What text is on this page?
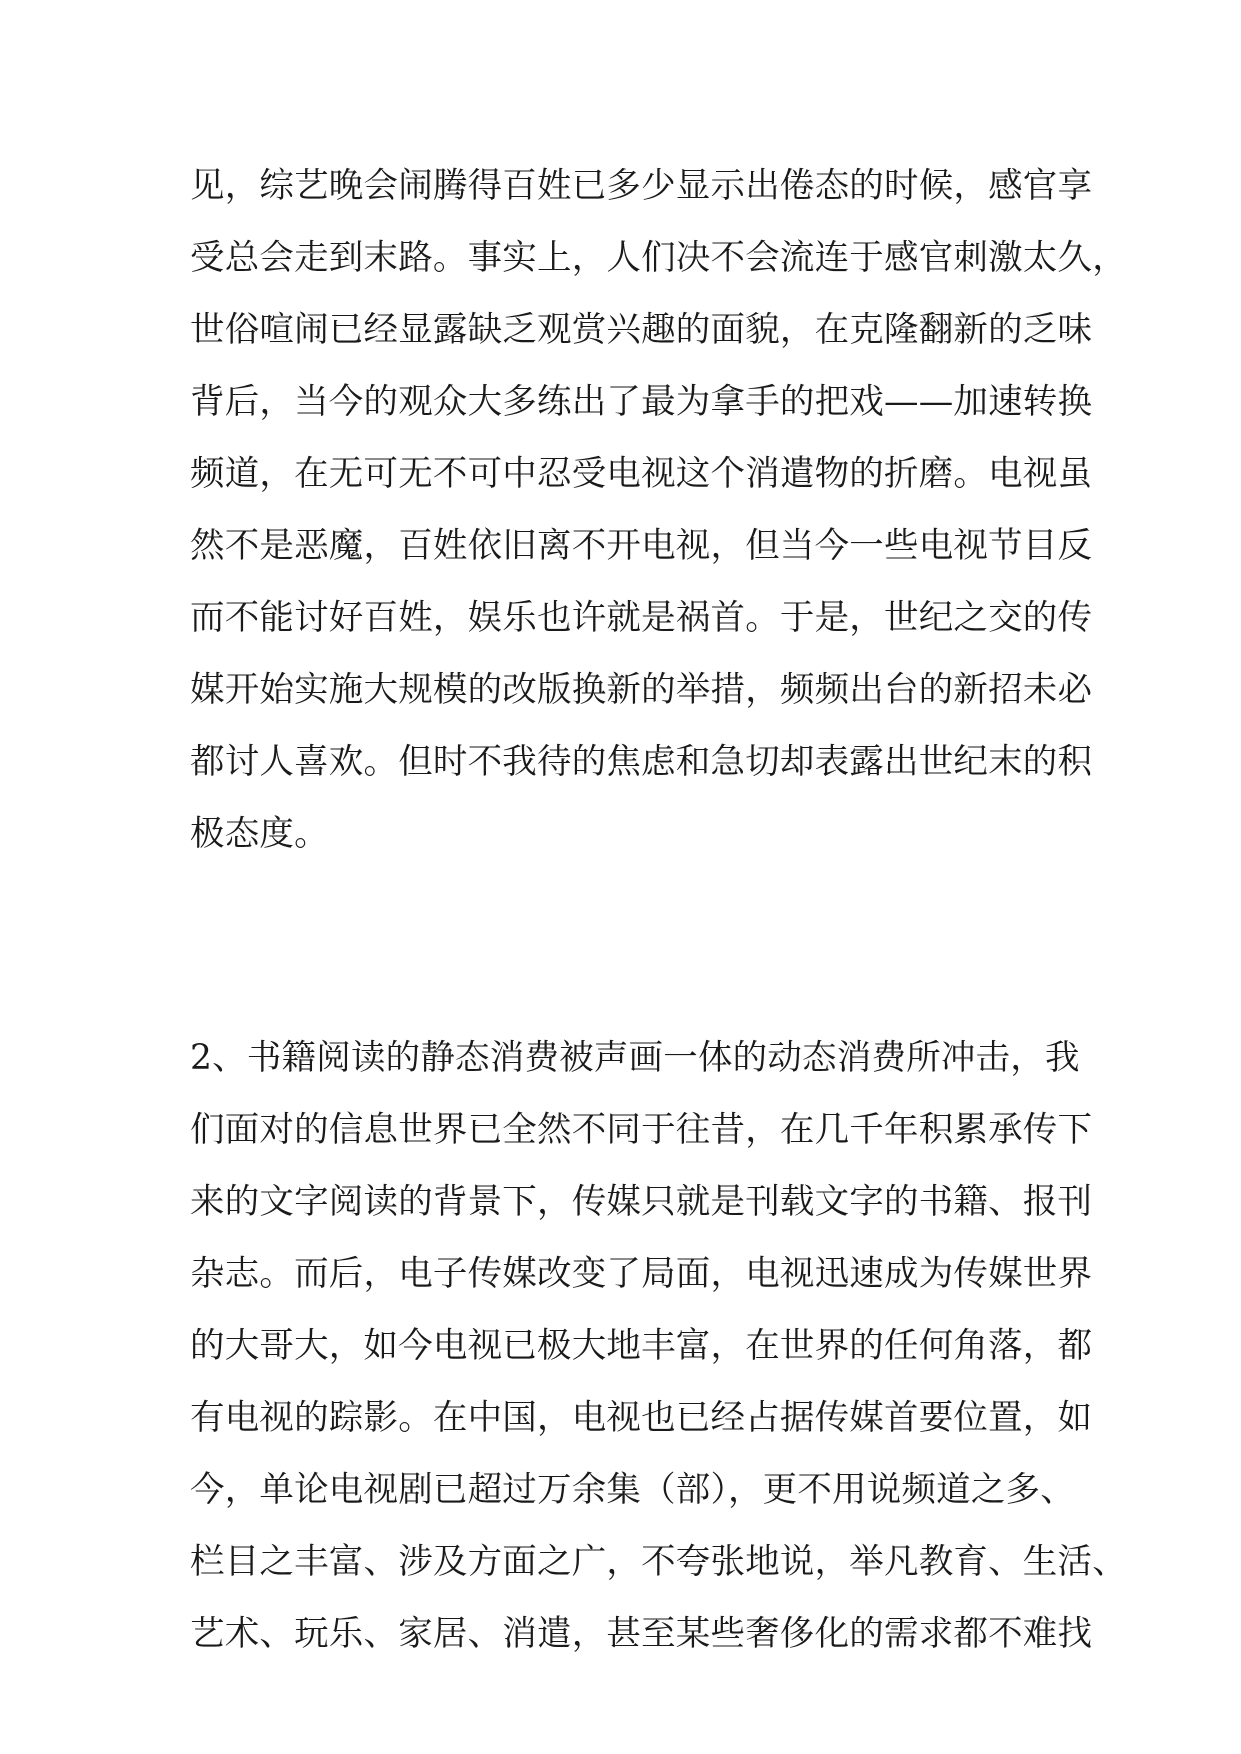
见，综艺晚会闹腾得百姓已多少显示出倦态的时候，感官享
受总会走到末路。事实上，人们决不会流连于感官刺激太久，
世俗喧闹已经显露缺乏观赏兴趣的面貌，在克隆翻新的乏味
背后，当今的观众大多练出了最为拿手的把戏——加速转换
频道，在无可无不可中忍受电视这个消遣物的折磨。电视虽
然不是恶魔，百姓依旧离不开电视，但当今一些电视节目反
而不能讨好百姓，娱乐也许就是祸首。于是，世纪之交的传
媒开始实施大规模的改版换新的举措，频频出台的新招未必
都讨人喜欢。但时不我待的焦虑和急切却表露出世纪末的积
极态度。
2、书籍阅读的静态消费被声画一体的动态消费所冲击，我
们面对的信息世界已全然不同于往昔，在几千年积累承传下
来的文字阅读的背景下，传媒只就是刊载文字的书籍、报刊
杂志。而后，电子传媒改变了局面，电视迅速成为传媒世界
的大哥大，如今电视已极大地丰富，在世界的任何角落，都
有电视的踪影。在中国，电视也已经占据传媒首要位置，如
今，单论电视剧已超过万余集（部），更不用说频道之多、
栏目之丰富、涉及方面之广，不夸张地说，举凡教育、生活、
艺术、玩乐、家居、消遣，甚至某些奢侈化的需求都不难找
